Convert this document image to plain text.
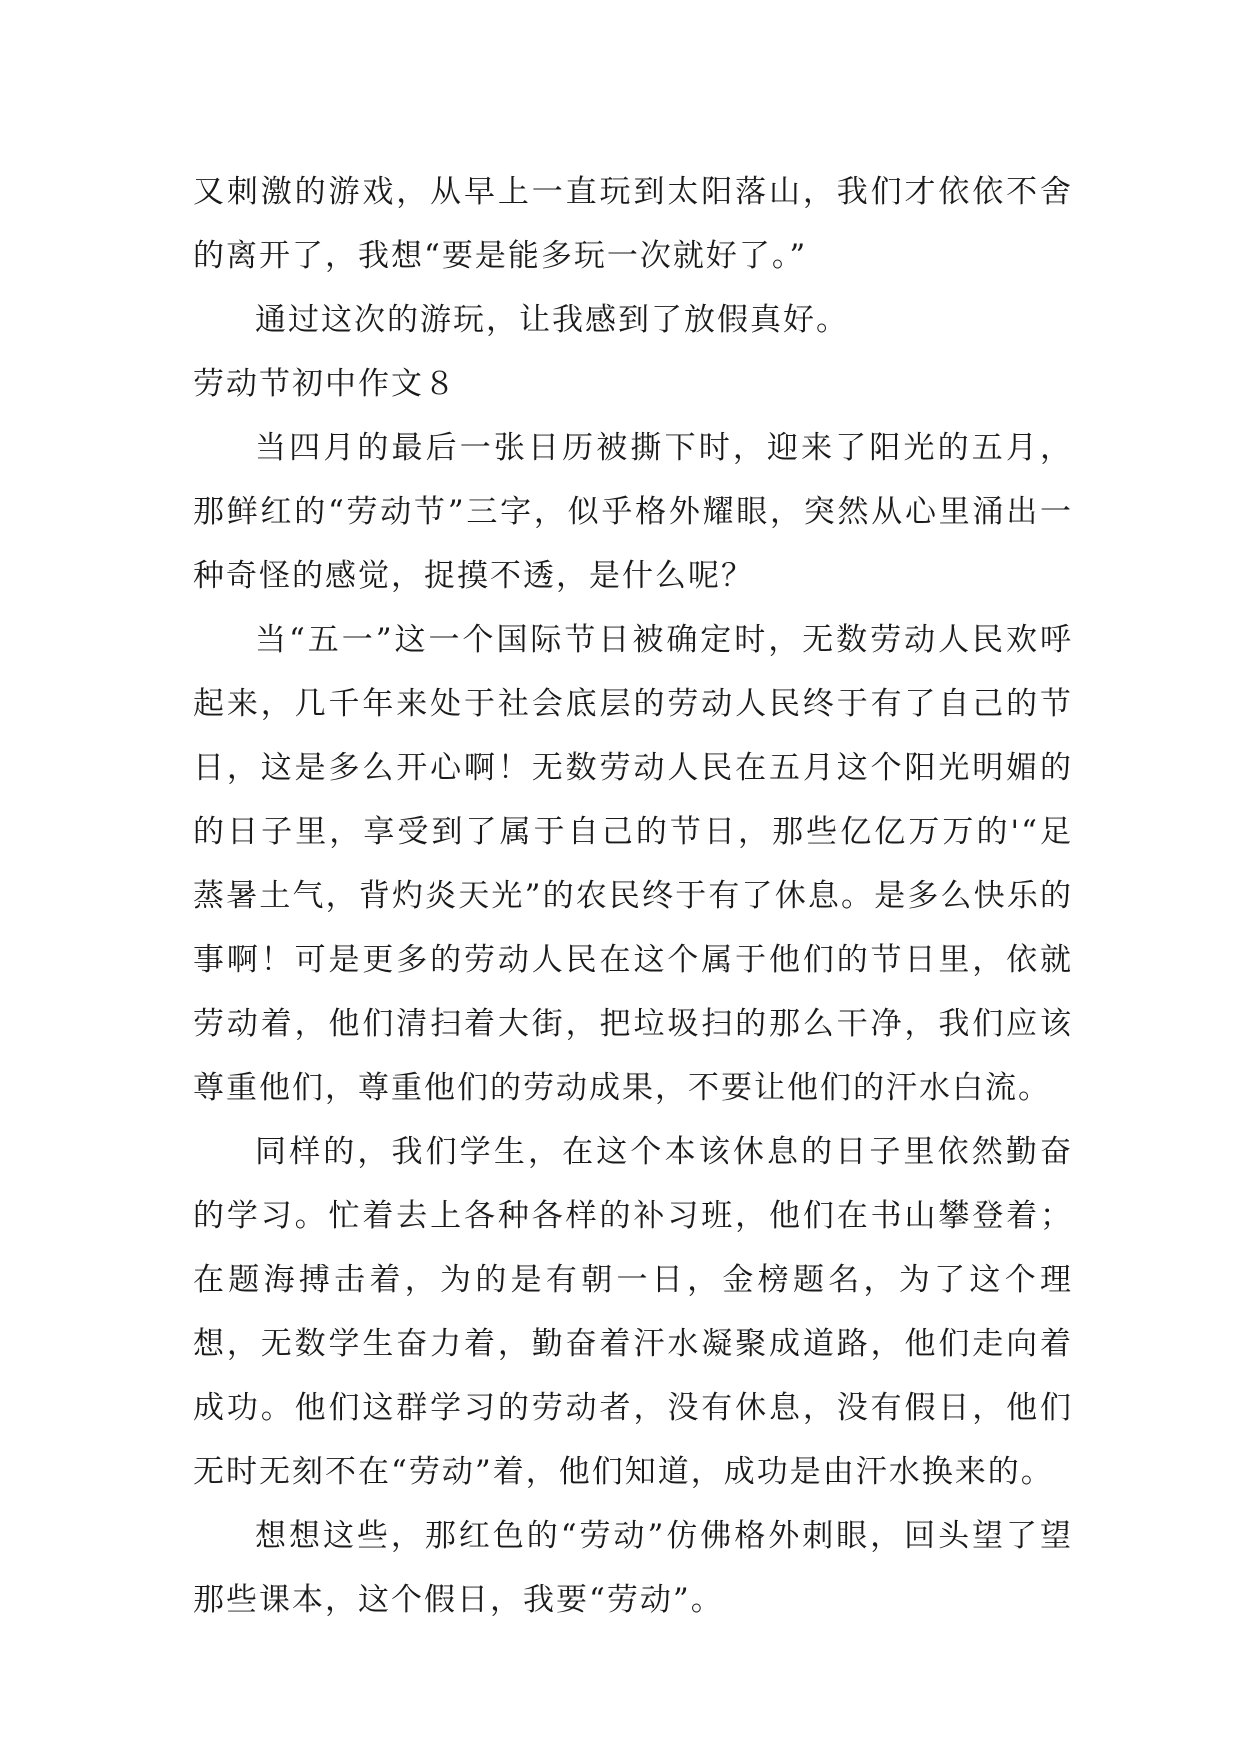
又刺激的游戏，从早上一直玩到太阳落山，我们才依依不舍的离开了，我想“要是能多玩一次就好了。”

通过这次的游玩，让我感到了放假真好。

劳动节初中作文８

当四月的最后一张日历被撕下时，迎来了阳光的五月，那鲜红的“劳动节”三字，似乎格外耀眼，突然从心里涌出一种奇怪的感觉，捉摸不透，是什么呢？

当“五一”这一个国际节日被确定时，无数劳动人民欢呼起来，几千年来处于社会底层的劳动人民终于有了自己的节日，这是多么开心啊！无数劳动人民在五月这个阳光明媚的的日子里，享受到了属于自己的节日，那些亿亿万万的'“足蒸暑土气，背灼炎天光”的农民终于有了休息。是多么快乐的事啊！可是更多的劳动人民在这个属于他们的节日里，依就劳动着，他们清扫着大街，把垃圾扫的那么干净，我们应该尊重他们，尊重他们的劳动成果，不要让他们的汗水白流。

同样的，我们学生，在这个本该休息的日子里依然勤奋的学习。忙着去上各种各样的补习班，他们在书山攀登着；在题海搏击着，为的是有朝一日，金榜题名，为了这个理想，无数学生奋力着，勤奋着汗水凝聚成道路，他们走向着成功。他们这群学习的劳动者，没有休息，没有假日，他们无时无刻不在“劳动”着，他们知道，成功是由汗水换来的。

想想这些，那红色的“劳动”仿佛格外刺眼，回头望了望那些课本，这个假日，我要“劳动”。
